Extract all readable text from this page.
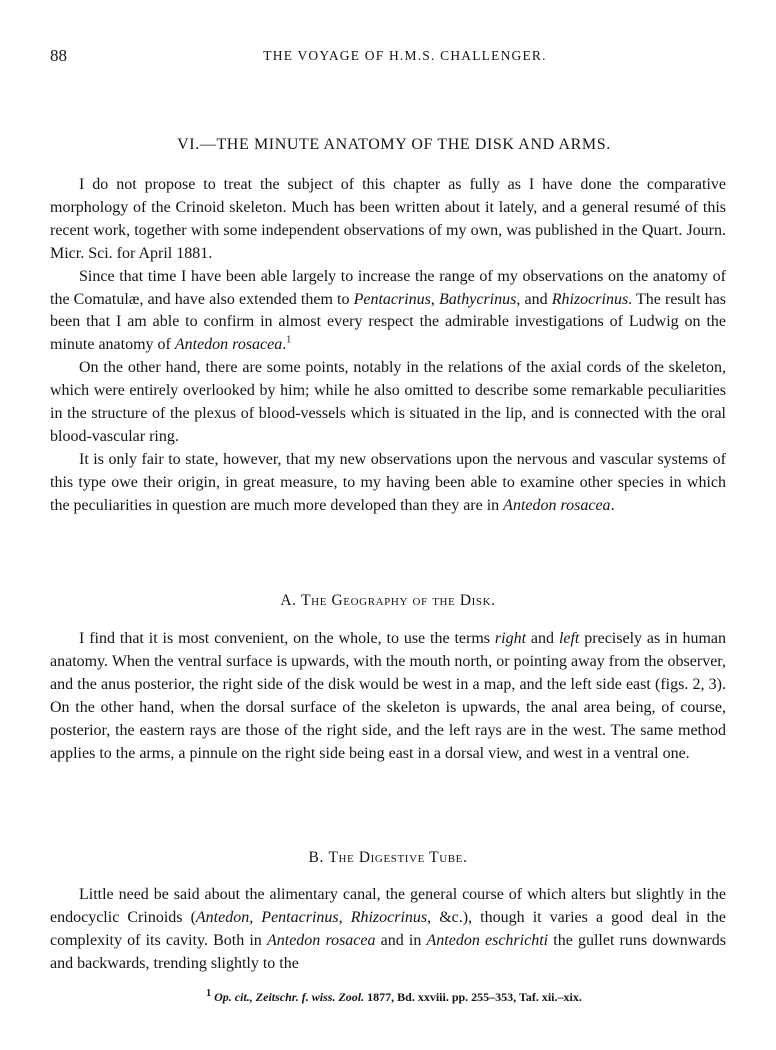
88	THE VOYAGE OF H.M.S. CHALLENGER.
VI.—THE MINUTE ANATOMY OF THE DISK AND ARMS.

I do not propose to treat the subject of this chapter as fully as I have done the comparative morphology of the Crinoid skeleton. Much has been written about it lately, and a general resumé of this recent work, together with some independent observations of my own, was published in the Quart. Journ. Micr. Sci. for April 1881.

Since that time I have been able largely to increase the range of my observations on the anatomy of the Comatulæ, and have also extended them to Pentacrinus, Bathycrinus, and Rhizocrinus. The result has been that I am able to confirm in almost every respect the admirable investigations of Ludwig on the minute anatomy of Antedon rosacea.$^1$

On the other hand, there are some points, notably in the relations of the axial cords of the skeleton, which were entirely overlooked by him; while he also omitted to describe some remarkable peculiarities in the structure of the plexus of blood-vessels which is situated in the lip, and is connected with the oral blood-vascular ring.

It is only fair to state, however, that my new observations upon the nervous and vascular systems of this type owe their origin, in great measure, to my having been able to examine other species in which the peculiarities in question are much more developed than they are in Antedon rosacea.

A. The Geography of the Disk.

I find that it is most convenient, on the whole, to use the terms right and left precisely as in human anatomy. When the ventral surface is upwards, with the mouth north, or pointing away from the observer, and the anus posterior, the right side of the disk would be west in a map, and the left side east (figs. 2, 3). On the other hand, when the dorsal surface of the skeleton is upwards, the anal area being, of course, posterior, the eastern rays are those of the right side, and the left rays are in the west. The same method applies to the arms, a pinnule on the right side being east in a dorsal view, and west in a ventral one.

B. The Digestive Tube.

Little need be said about the alimentary canal, the general course of which alters but slightly in the endocyclic Crinoids (Antedon, Pentacrinus, Rhizocrinus, &c.), though it varies a good deal in the complexity of its cavity. Both in Antedon rosacea and in Antedon eschrichti the gullet runs downwards and backwards, trending slightly to the

$^1$ Op. cit., Zeitschr. f. wiss. Zool. 1877, Bd. xxviii. pp. 255–353, Taf. xii.–xix.
